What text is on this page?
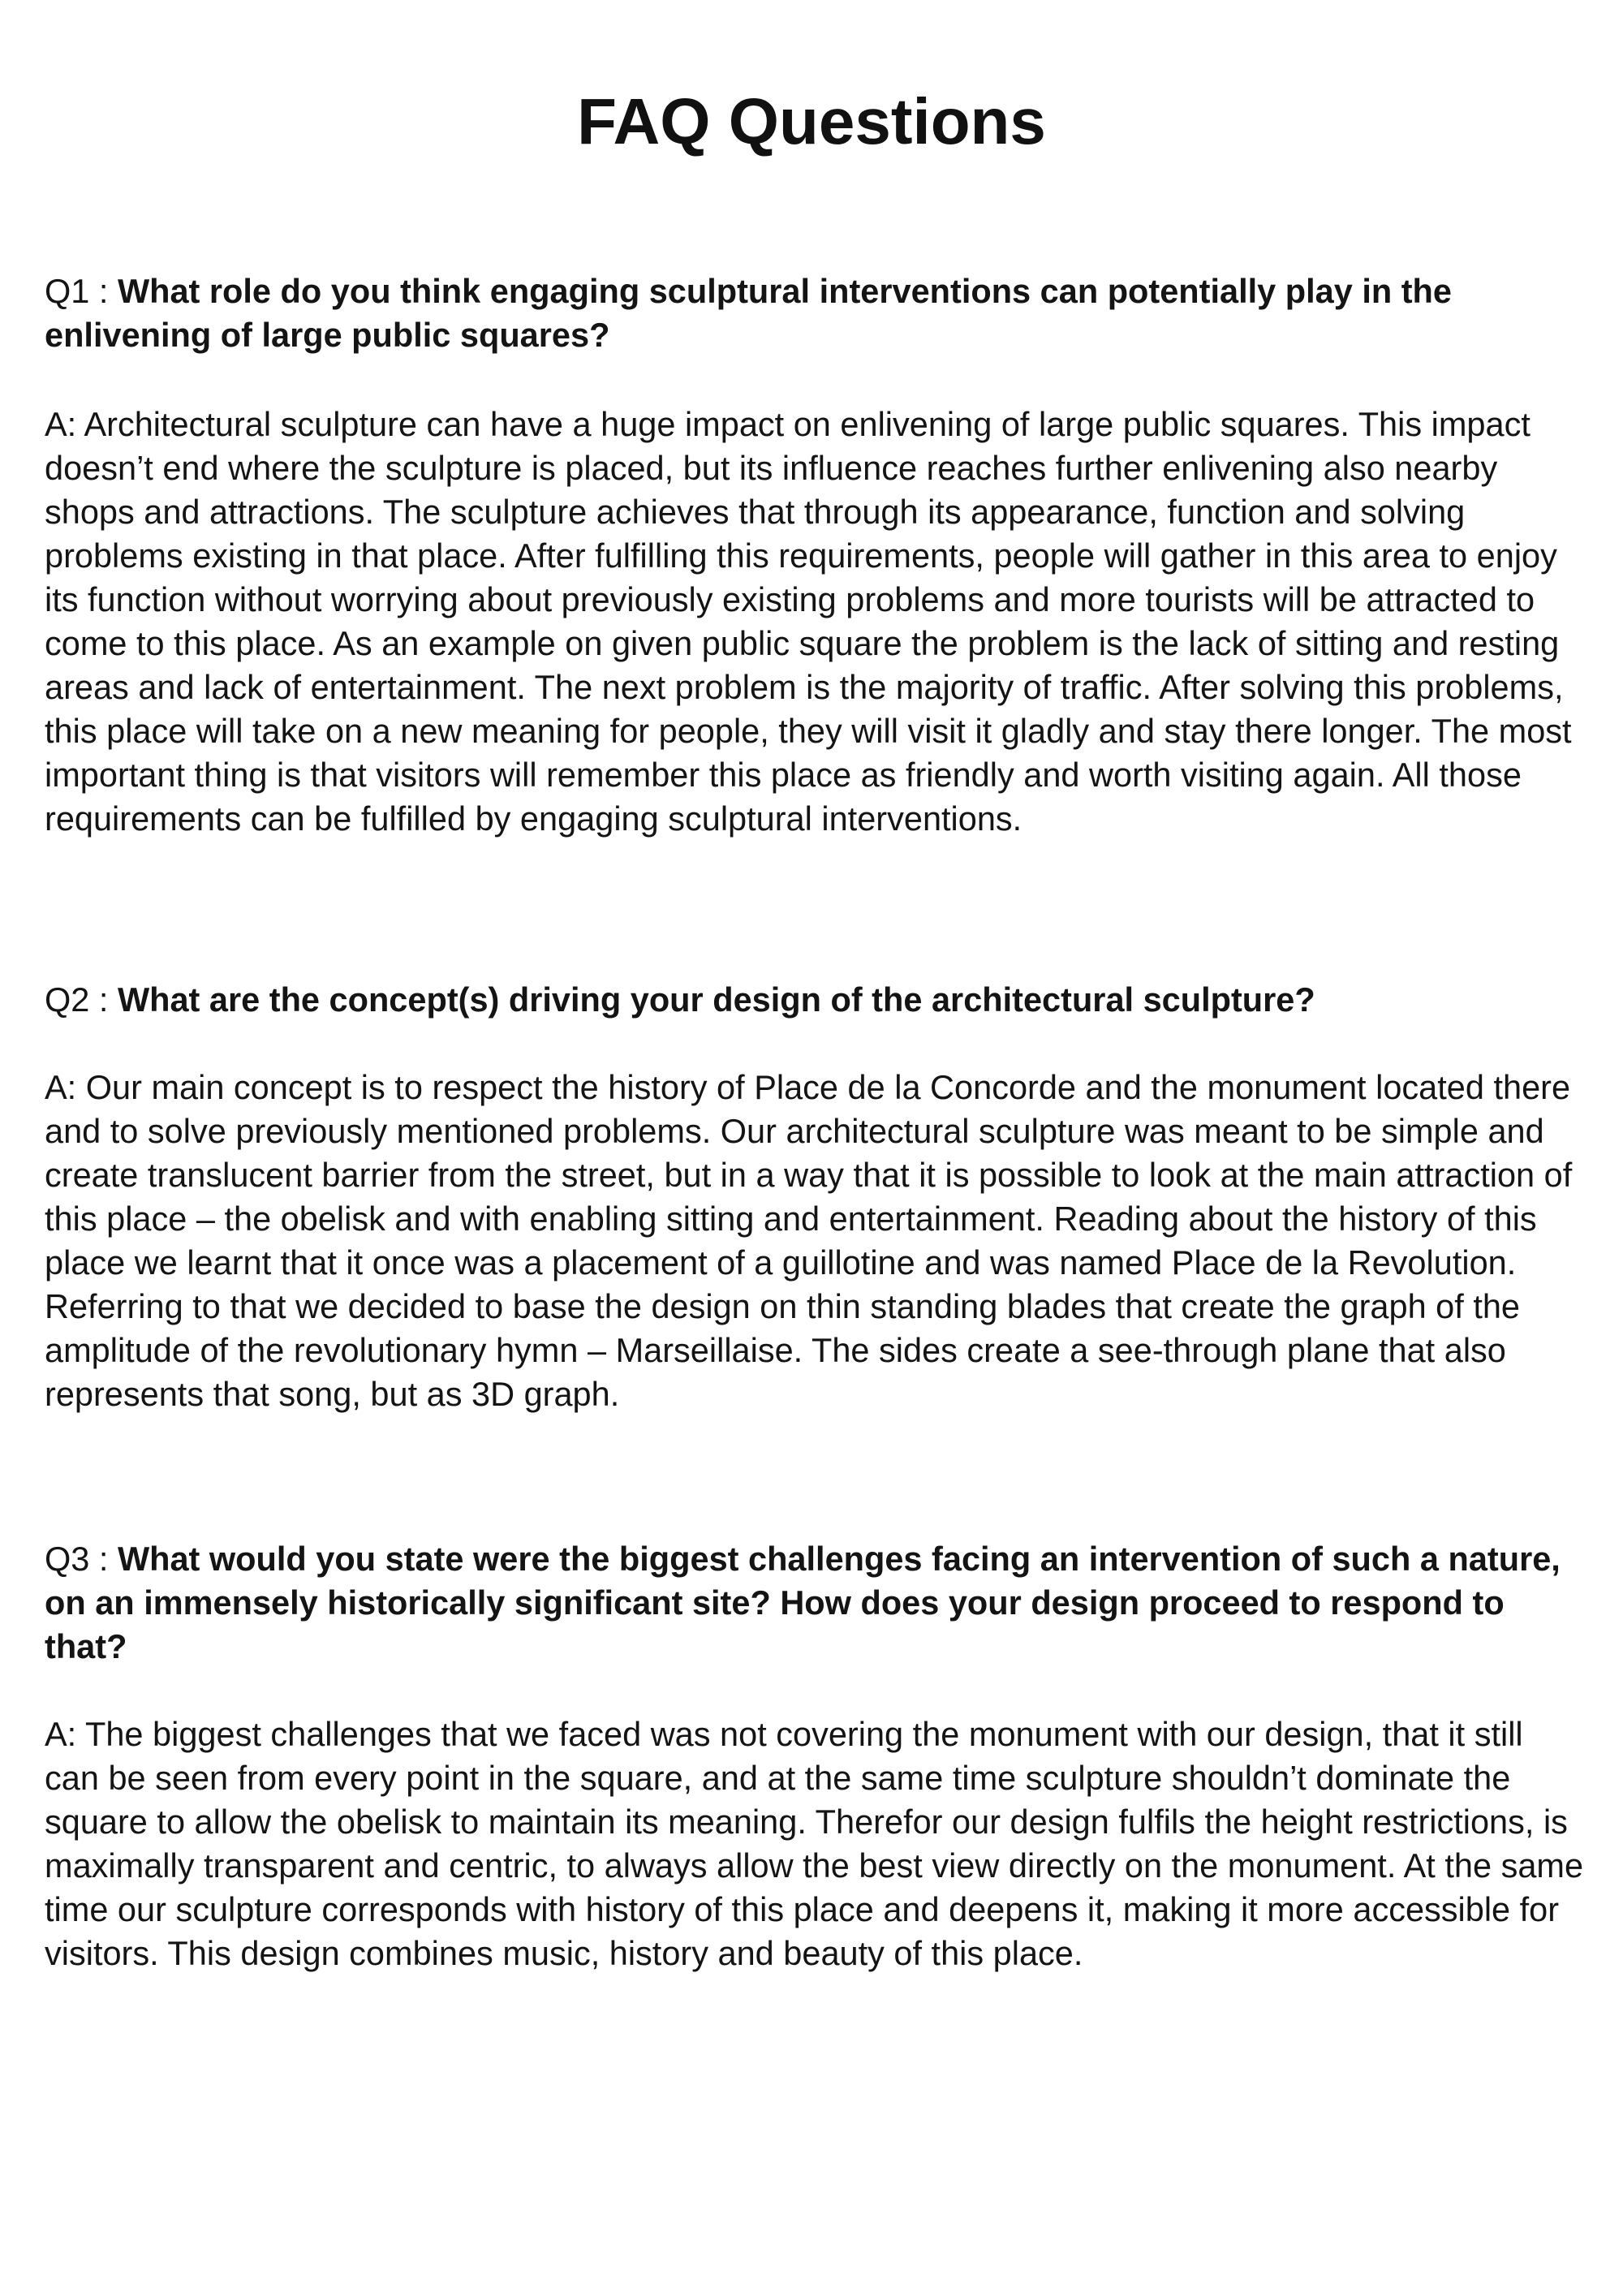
FAQ Questions

Q1 : What role do you think engaging sculptural interventions can potentially play in the enlivening of large public squares?

A: Architectural sculpture can have a huge impact on enlivening of large public squares. This impact doesn’t end where the sculpture is placed, but its influence reaches further enlivening also nearby shops and attractions. The sculpture achieves that through its appearance, function and solving problems existing in that place. After fulfilling this requirements, people will gather in this area to enjoy its function without worrying about previously existing problems and more tourists will be attracted to come to this place. As an example on given public square the problem is the lack of sitting and resting areas and lack of entertainment. The next problem is the majority of traffic. After solving this problems, this place will take on a new meaning for people, they will visit it gladly and stay there longer. The most important thing is that visitors will remember this place as friendly and worth visiting again. All those requirements can be fulfilled by engaging sculptural interventions.

Q2 : What are the concept(s) driving your design of the architectural sculpture?

A: Our main concept is to respect the history of Place de la Concorde and the monument located there and to solve previously mentioned problems. Our architectural sculpture was meant to be simple and create translucent barrier from the street, but in a way that it is possible to look at the main attraction of this place – the obelisk and with enabling sitting and entertainment. Reading about the history of this place we learnt that it once was a placement of a guillotine and was named Place de la Revolution. Referring to that we decided to base the design on thin standing blades that create the graph of the amplitude of the revolutionary hymn – Marseillaise. The sides create a see-through plane that also represents that song, but as 3D graph.

Q3 : What would you state were the biggest challenges facing an intervention of such a nature, on an immensely historically significant site? How does your design proceed to respond to that?

A: The biggest challenges that we faced was not covering the monument with our design, that it still can be seen from every point in the square, and at the same time sculpture shouldn’t dominate the square to allow the obelisk to maintain its meaning. Therefor our design fulfils the height restrictions, is maximally transparent and centric, to always allow the best view directly on the monument. At the same time our sculpture corresponds with history of this place and deepens it, making it more accessible for visitors. This design combines music, history and beauty of this place.
